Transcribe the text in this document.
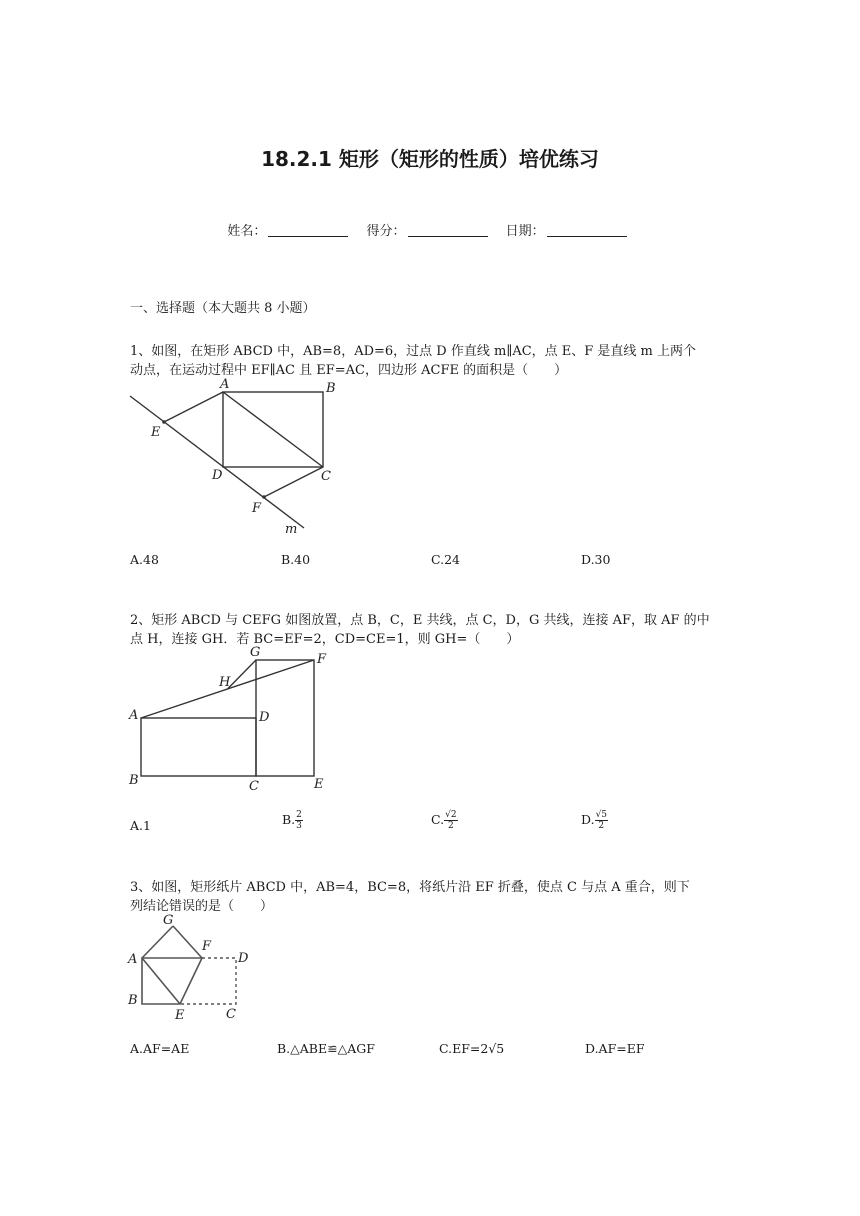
18.2.1 矩形（矩形的性质）培优练习
姓名：	得分：	日期：
一、选择题（本大题共 8 小题）
1、如图，在矩形 ABCD 中，AB=8，AD=6，过点 D 作直线 m∥AC，点 E、F 是直线 m 上两个
动点，在运动过程中 EF∥AC 且 EF=AC，四边形 ACFE 的面积是（　　）
A	B
C
D
E
F
m
A.48	B.40	C.24	D.30
2、矩形 ABCD 与 CEFG 如图放置，点 B，C，E 共线，点 C，D，G 共线，连接 AF，取 AF 的中
点 H，连接 GH．若 BC=EF=2，CD=CE=1，则 GH=（　　）
A
B	C
D
E
F
G
H
A.1	B. $\frac{2}{3}$	C. $\frac{√2}{2}$	D. $\frac{√5}{2}$
3、如图，矩形纸片 ABCD 中，AB=4，BC=8，将纸片沿 EF 折叠，使点 C 与点 A 重合，则下
列结论错误的是（　　）
A
B
C
D
E
F
G
A.AF=AE	B.△ABE≌△AGF	C.EF=2√5	D.AF=EF
